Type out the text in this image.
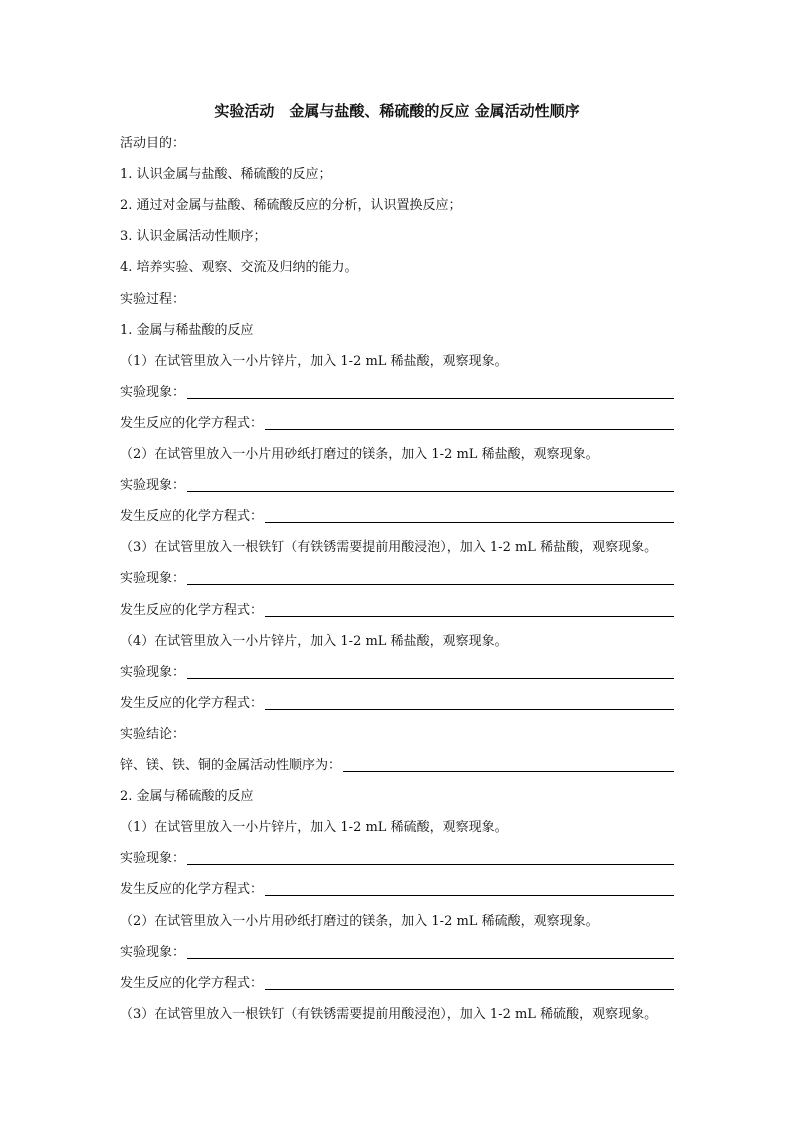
实验活动　金属与盐酸、稀硫酸的反应 金属活动性顺序
活动目的：
1. 认识金属与盐酸、稀硫酸的反应；
2. 通过对金属与盐酸、稀硫酸反应的分析，认识置换反应；
3. 认识金属活动性顺序；
4. 培养实验、观察、交流及归纳的能力。
实验过程：
1. 金属与稀盐酸的反应
（1）在试管里放入一小片锌片，加入 1-2 mL 稀盐酸，观察现象。
实验现象：
发生反应的化学方程式：
（2）在试管里放入一小片用砂纸打磨过的镁条，加入 1-2 mL 稀盐酸，观察现象。
实验现象：
发生反应的化学方程式：
（3）在试管里放入一根铁钉（有铁锈需要提前用酸浸泡），加入 1-2 mL 稀盐酸，观察现象。
实验现象：
发生反应的化学方程式：
（4）在试管里放入一小片锌片，加入 1-2 mL 稀盐酸，观察现象。
实验现象：
发生反应的化学方程式：
实验结论：
锌、镁、铁、铜的金属活动性顺序为：
2. 金属与稀硫酸的反应
（1）在试管里放入一小片锌片，加入 1-2 mL 稀硫酸，观察现象。
实验现象：
发生反应的化学方程式：
（2）在试管里放入一小片用砂纸打磨过的镁条，加入 1-2 mL 稀硫酸，观察现象。
实验现象：
发生反应的化学方程式：
（3）在试管里放入一根铁钉（有铁锈需要提前用酸浸泡），加入 1-2 mL 稀硫酸，观察现象。
